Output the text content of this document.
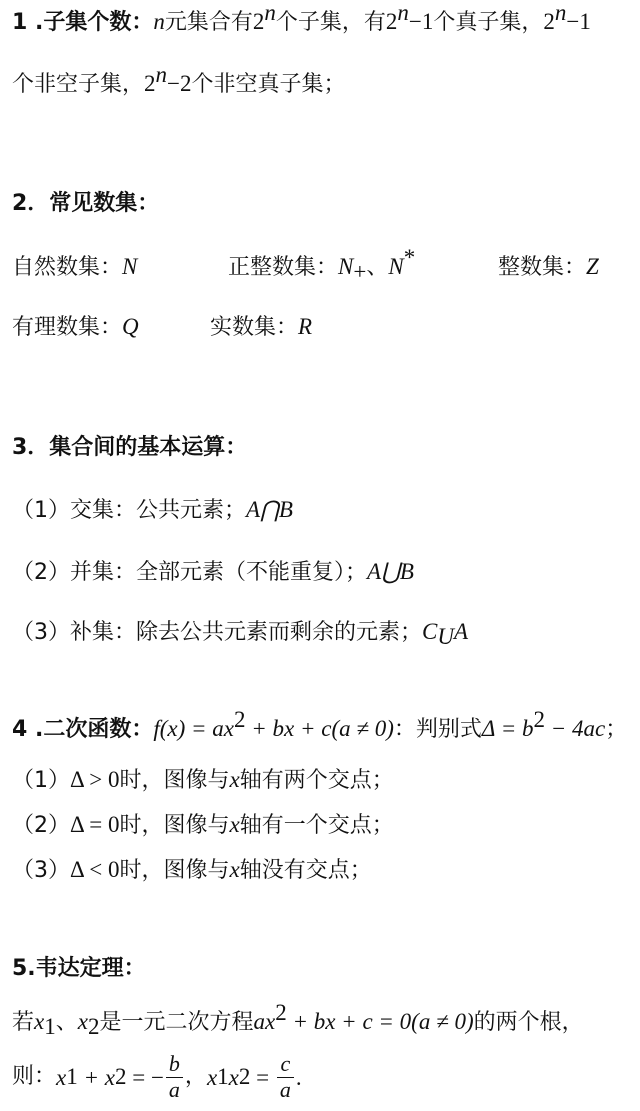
1 .子集个数：n元集合有2$^n$个子集，有$2^n-1$个真子集，$2^n-1$
个非空子集，$2^n-2$个非空真子集；
2．常见数集：
自然数集：N	正整数集：$N_+$、N*	整数集：Z
有理数集：Q	实数集：R
3．集合间的基本运算：
（1）交集：公共元素；A⋂B
（2）并集：全部元素（不能重复）；A⋃B
（3）补集：除去公共元素而剩余的元素；$C_UA$
4 .二次函数：$f(x) = ax^2$ + bx + c(a ≠ 0)：判别式$\Delta = b^2 - 4ac$；
（1）Δ > 0时，图像与x轴有两个交点；
（2）Δ = 0时，图像与x轴有一个交点；
（3）Δ < 0时，图像与x轴没有交点；
5.韦达定理：
若$x_1$、$x_2$是一元二次方程$ax^2$ + bx + c = 0(a ≠ 0)的两个根，
则： x 1 + x 2 = − $\frac{b}{a}$ ， x 1 x $2 = \frac{c}{a}$ .
